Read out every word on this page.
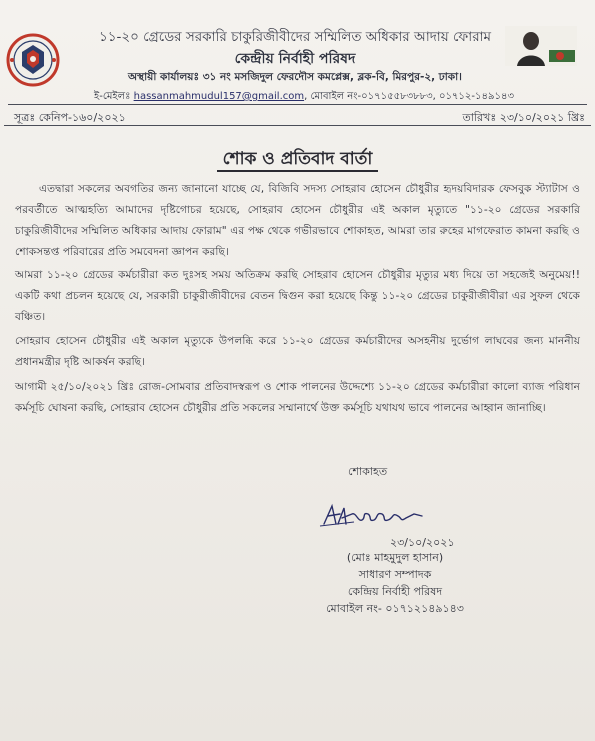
১১-২০ গ্রেডের সরকারি চাকুরিজীবীদের সম্মিলিত অধিকার আদায় ফোরাম
কেন্দ্রীয় নির্বাহী পরিষদ
অস্থায়ী কার্যালয়ঃ ৩১ নং মসজিদুল ফেরদৌস কমপ্লেক্স, ব্লক-বি, মিরপুর-২, ঢাকা।
ই-মেইলঃ hassanmahmudul157@gmail.com, মোবাইল নং-০১৭১৫৫৮৩৮৮৩, ০১৭১২-১৪৯১৪৩
সূত্রঃ কেনিপ-১৬০/২০২১	তারিখঃ ২৩/১০/২০২১ খ্রিঃ
শোক ও প্রতিবাদ বার্তা
এতদ্বারা সকলের অবগতির জন্য জানানো যাচ্ছে যে, বিজিবি সদস্য সোহরাব হোসেন চৌধুরীর হৃদয়বিদারক ফেসবুক স্ট্যাটাস ও পরবর্তীতে আত্মহত্যি আমাদের দৃষ্টিগোচর হয়েছে, সোহরাব হোসেন চৌধুরীর এই অকাল মৃত্যুতে "১১-২০ গ্রেডের সরকারি চাকুরিজীবীদের সম্মিলিত অধিকার আদায় ফোরাম" এর পক্ষ থেকে গভীরভাবে শোকাহত, আমরা তার রুহের মাগফেরাত কামনা করছি ও শোকসন্তপ্ত পরিবারের প্রতি সমবেদনা জ্ঞাপন করছি।
আমরা ১১-২০ গ্রেডের কর্মচারীরা কত দুঃসহ সময় অতিক্রম করছি সোহরাব হোসেন চৌধুরীর মৃত্যুর মধ্য দিয়ে তা সহজেই অনুমেয়!! একটি কথা প্রচলন হয়েছে যে, সরকারী চাকুরীজীবীদের বেতন দ্বিগুন করা হয়েছে কিন্তু ১১-২০ গ্রেডের চাকুরীজীবীরা এর সুফল থেকে বঞ্চিত।
সোহরাব হোসেন চৌধুরীর এই অকাল মৃত্যুকে উপলব্ধি করে ১১-২০ গ্রেডের কর্মচারীদের অসহনীয় দুর্ভোগ লাঘবের জন্য মাননীয় প্রধানমন্ত্রীর দৃষ্টি আকর্ষন করছি।
আগামী ২৫/১০/২০২১ খ্রিঃ রোজ-সোমবার প্রতিবাদস্বরূপ ও শোক পালনের উদ্দেশ্যে ১১-২০ গ্রেডের কর্মচারীরা কালো ব্যাজ পরিধান কর্মসূচি ঘোষনা করছি, সোহরাব হোসেন চৌধুরীর প্রতি সকলের সম্মানার্থে উক্ত কর্মসূচি যথাযথ ভাবে পালনের আহ্বান জানাচ্ছি।
শোকাহত
২৩/১০/২০২১
(মোঃ মাহমুদুল হাসান)
সাধারণ সম্পাদক
কেন্দ্রিয় নির্বাহী পরিষদ
মোবাইল নং- ০১৭১২১৪৯১৪৩
